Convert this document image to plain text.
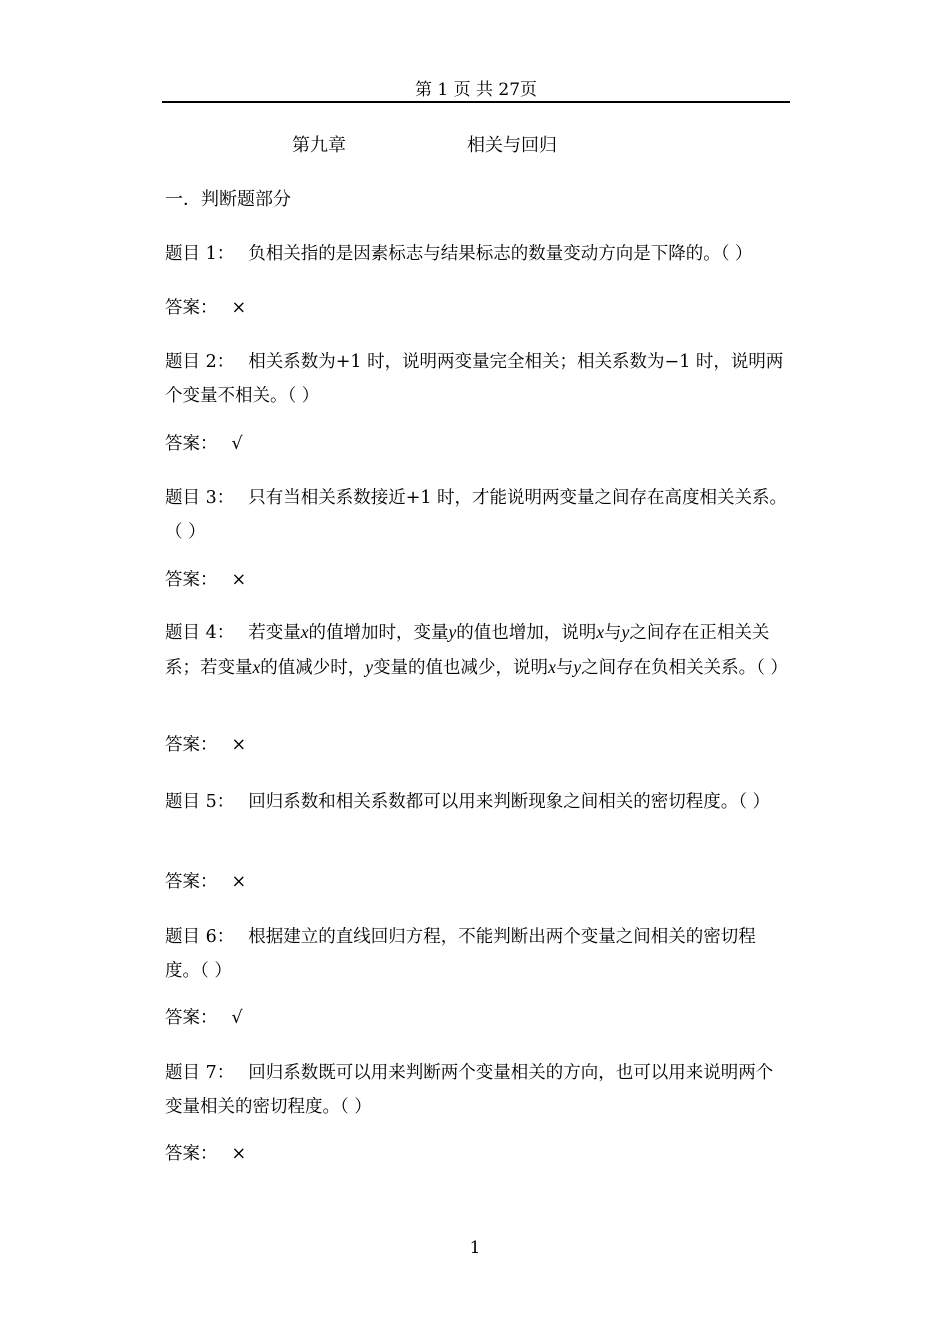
第 1 页 共 27页
第九章	相关与回归
一．判断题部分
题目 1： 负相关指的是因素标志与结果标志的数量变动方向是下降的。（ ）
答案： ×
题目 2： 相关系数为+1 时，说明两变量完全相关；相关系数为−1 时，说明两个变量不相关。（ ）
答案： √
题目 3： 只有当相关系数接近+1 时，才能说明两变量之间存在高度相关关系。（ ）
答案： ×
题目 4： 若变量x的值增加时，变量y的值也增加，说明x与y之间存在正相关关系；若变量x的值减少时，y变量的值也减少，说明x与y之间存在负相关关系。（ ）
答案： ×
题目 5： 回归系数和相关系数都可以用来判断现象之间相关的密切程度。（ ）
答案： ×
题目 6： 根据建立的直线回归方程，不能判断出两个变量之间相关的密切程度。（ ）
答案： √
题目 7： 回归系数既可以用来判断两个变量相关的方向，也可以用来说明两个变量相关的密切程度。（ ）
答案： ×
1
